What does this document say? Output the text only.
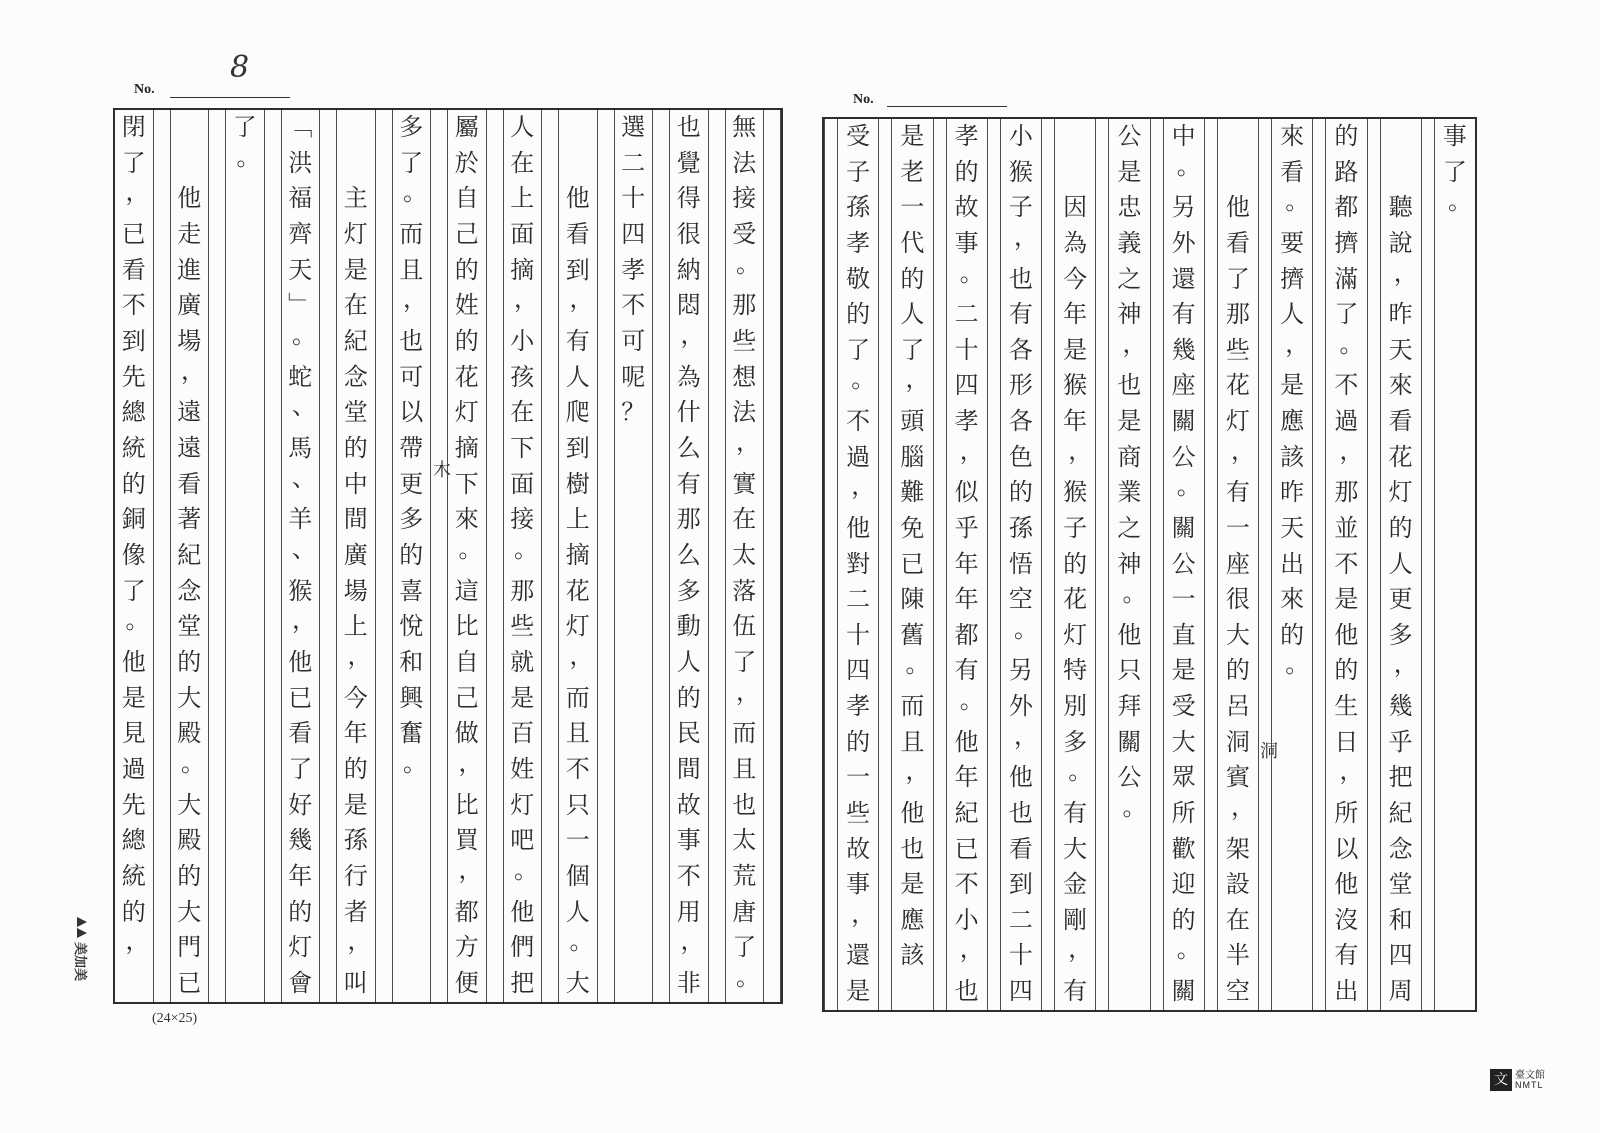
8
No.
No.
無
法
接
受
。
那
些
想
法
，
實
在
太
落
伍
了
，
而
且
也
太
荒
唐
了
。
也
覺
得
很
納
悶
，
為
什
么
有
那
么
多
動
人
的
民
間
故
事
不
用
，
非
選
二
十
四
孝
不
可
呢
？

他
看
到
，
有
人
爬
到
樹
上
摘
花
灯
，
而
且
不
只
一
個
人
。
大
人
在
上
面
摘
，
小
孩
在
下
面
接
。
那
些
就
是
百
姓
灯
吧
。
他
們
把
屬
於
自
己
的
姓
的
花
灯
摘
下
來
。
這
比
自
己
做
，
比
買
，
都
方
便
多
了
。
而
且
，
也
可
以
帶
更
多
的
喜
悅
和
興
奮
。

主
灯
是
在
紀
念
堂
的
中
間
廣
場
上
，
今
年
的
是
孫
行
者
，
叫
﹁
洪
福
齊
天
﹂
。
蛇
、
馬
、
羊
、
猴
，
他
已
看
了
好
幾
年
的
灯
會
了
。

他
走
進
廣
場
，
遠
遠
看
著
紀
念
堂
的
大
殿
。
大
殿
的
大
門
已
閉
了
，
已
看
不
到
先
總
統
的
銅
像
了
。
他
是
見
過
先
總
統
的
，
木
事
了
。

聽
說
，
昨
天
來
看
花
灯
的
人
更
多
，
幾
乎
把
紀
念
堂
和
四
周
的
路
都
擠
滿
了
。
不
過
，
那
並
不
是
他
的
生
日
，
所
以
他
沒
有
出
來
看
。
要
擠
人
，
是
應
該
昨
天
出
來
的
。

他
看
了
那
些
花
灯
，
有
一
座
很
大
的
呂
洞
賓
，
架
設
在
半
空
中
。
另
外
還
有
幾
座
關
公
。
關
公
一
直
是
受
大
眾
所
歡
迎
的
。
關
公
是
忠
義
之
神
，
也
是
商
業
之
神
。
他
只
拜
關
公
。

因
為
今
年
是
猴
年
，
猴
子
的
花
灯
特
別
多
。
有
大
金
剛
，
有
小
猴
子
，
也
有
各
形
各
色
的
孫
悟
空
。
另
外
，
他
也
看
到
二
十
四
孝
的
故
事
。
二
十
四
孝
，
似
乎
年
年
都
有
。
他
年
紀
已
不
小
，
也
是
老
一
代
的
人
了
，
頭
腦
難
免
已
陳
舊
。
而
且
，
他
也
是
應
該
受
子
孫
孝
敬
的
了
。
不
過
，
他
對
二
十
四
孝
的
一
些
故
事
，
還
是
洞
(24×25)
美加美
文 臺文館
NMTL
